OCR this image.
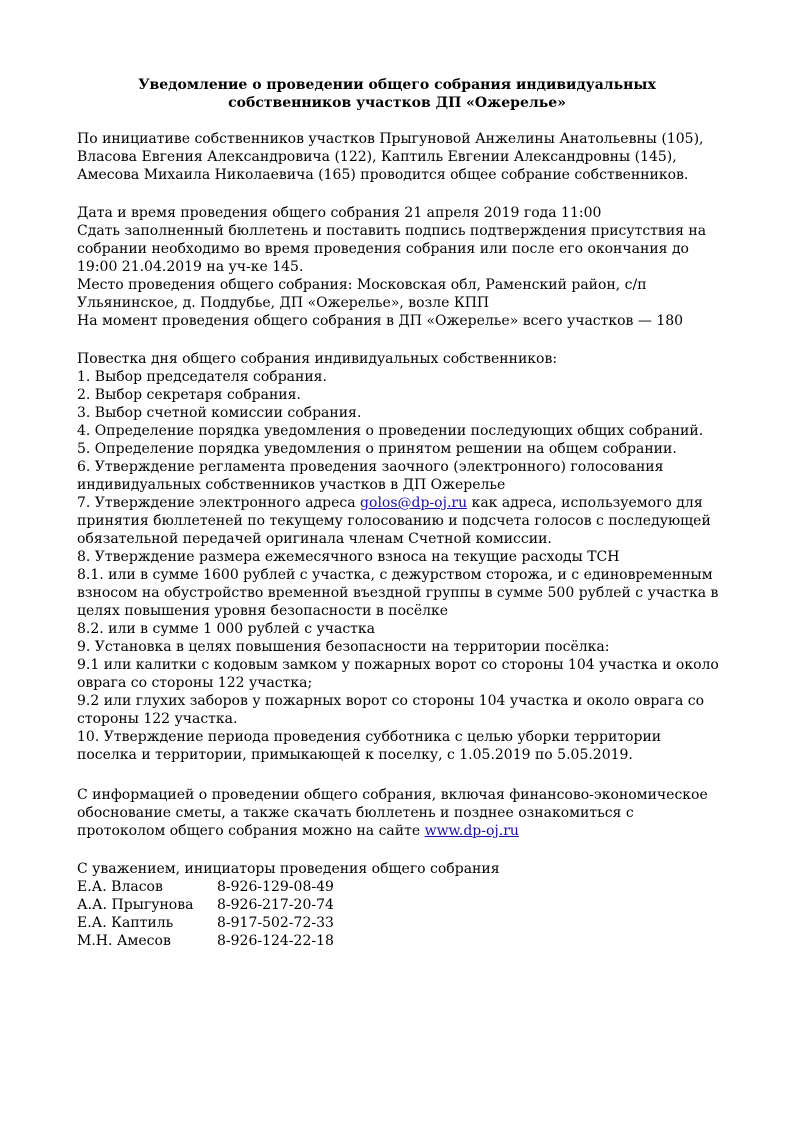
Уведомление о проведении общего собрания индивидуальных
собственников участков ДП «Ожерелье»
По инициативе собственников участков Прыгуновой Анжелины Анатольевны (105),
Власова Евгения Александровича (122), Каптиль Евгении Александровны (145),
Амесова Михаила Николаевича (165) проводится общее собрание собственников.
Дата и время проведения общего собрания 21 апреля 2019 года 11:00
Сдать заполненный бюллетень и поставить подпись подтверждения присутствия на
собрании необходимо во время проведения собрания или после его окончания до
19:00 21.04.2019 на уч-ке 145.
Место проведения общего собрания: Московская обл, Раменский район, с/п
Ульянинское, д. Поддубье, ДП «Ожерелье», возле КПП
На момент проведения общего собрания в ДП «Ожерелье» всего участков — 180
Повестка дня общего собрания индивидуальных собственников:
1. Выбор председателя собрания.
2. Выбор секретаря собрания.
3. Выбор счетной комиссии собрания.
4. Определение порядка уведомления о проведении последующих общих собраний.
5. Определение порядка уведомления о принятом решении на общем собрании.
6. Утверждение регламента проведения заочного (электронного) голосования
индивидуальных собственников участков в ДП Ожерелье
7. Утверждение электронного адреса golos@dp-oj.ru как адреса, используемого для
принятия бюллетеней по текущему голосованию и подсчета голосов с последующей
обязательной передачей оригинала членам Счетной комиссии.
8. Утверждение размера ежемесячного взноса на текущие расходы ТСН
8.1. или в сумме 1600 рублей с участка, с дежурством сторожа, и с единовременным
взносом на обустройство временной въездной группы в сумме 500 рублей с участка в
целях повышения уровня безопасности в посёлке
8.2. или в сумме 1 000 рублей с участка
9. Установка в целях повышения безопасности на территории посёлка:
9.1 или калитки с кодовым замком у пожарных ворот со стороны 104 участка и около
оврага со стороны 122 участка;
9.2 или глухих заборов у пожарных ворот со стороны 104 участка и около оврага со
стороны 122 участка.
10. Утверждение периода проведения субботника с целью уборки территории
поселка и территории, примыкающей к поселку, с 1.05.2019 по 5.05.2019.
С информацией о проведении общего собрания, включая финансово-экономическое
обоснование сметы, а также скачать бюллетень и позднее ознакомиться с
протоколом общего собрания можно на сайте www.dp-oj.ru
С уважением, инициаторы проведения общего собрания
Е.А. Власов	8-926-129-08-49
А.А. Прыгунова 8-926-217-20-74
Е.А. Каптиль	8-917-502-72-33
М.Н. Амесов	8-926-124-22-18
